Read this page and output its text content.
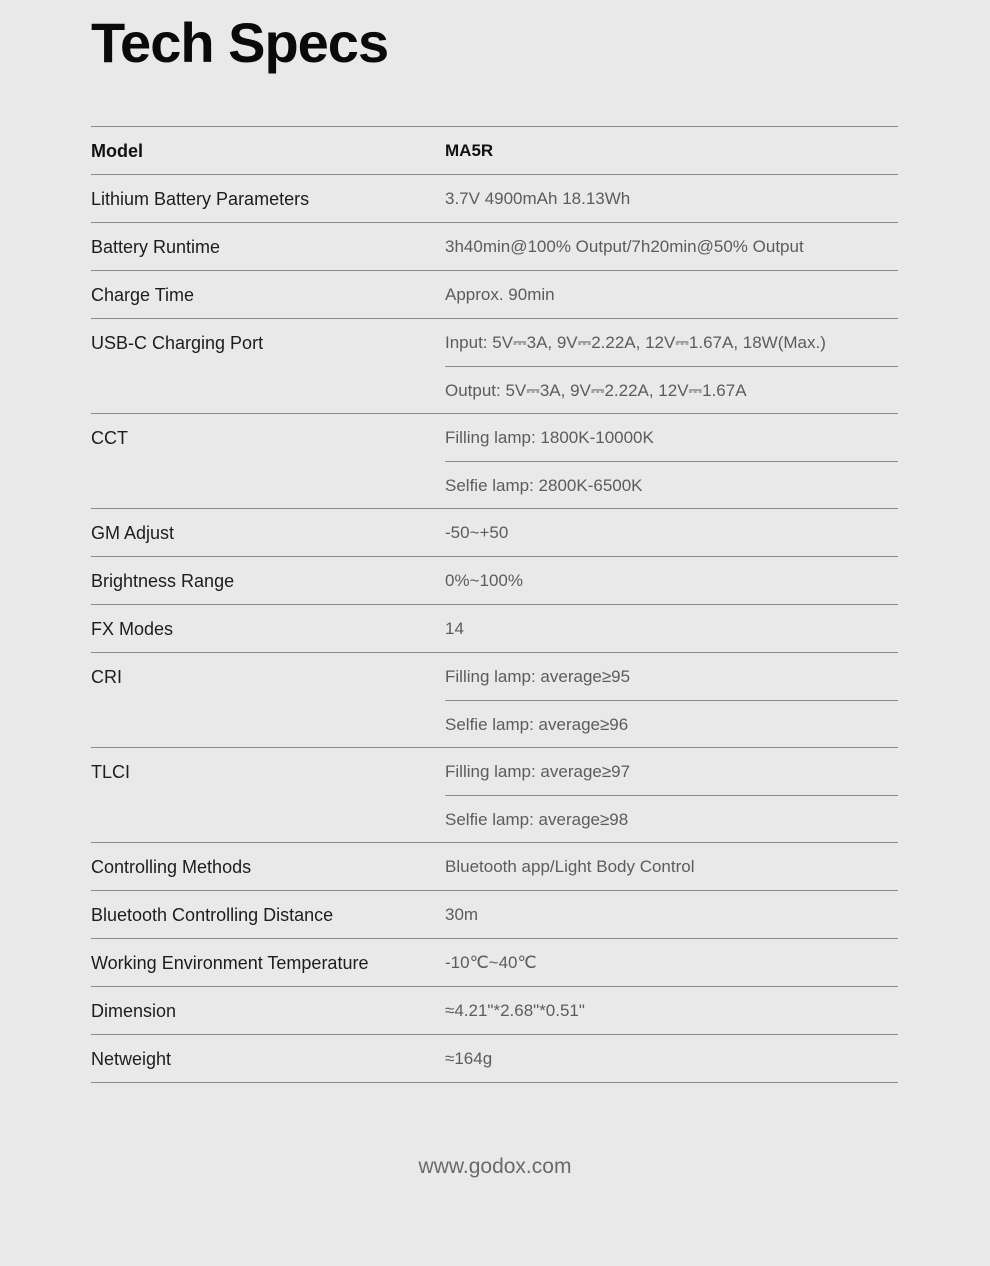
Tech Specs
Model	MA5R

Lithium Battery Parameters	3.7V 4900mAh 18.13Wh

Battery Runtime	3h40min@100% Output/7h20min@50% Output

Charge Time	Approx. 90min

USB-C Charging Port	Input: 5V⎓3A, 9V⎓2.22A, 12V⎓1.67A, 18W(Max.)
Output: 5V⎓3A, 9V⎓2.22A, 12V⎓1.67A

CCT	Filling lamp: 1800K-10000K
Selfie lamp: 2800K-6500K

GM Adjust	-50~+50

Brightness Range	0%~100%

FX Modes	14

CRI	Filling lamp: average≥95
Selfie lamp: average≥96

TLCI	Filling lamp: average≥97
Selfie lamp: average≥98

Controlling Methods	Bluetooth app/Light Body Control

Bluetooth Controlling Distance	30m

Working Environment Temperature	-10℃~40℃

Dimension	≈4.21"*2.68"*0.51"

Netweight	≈164g
www.godox.com
